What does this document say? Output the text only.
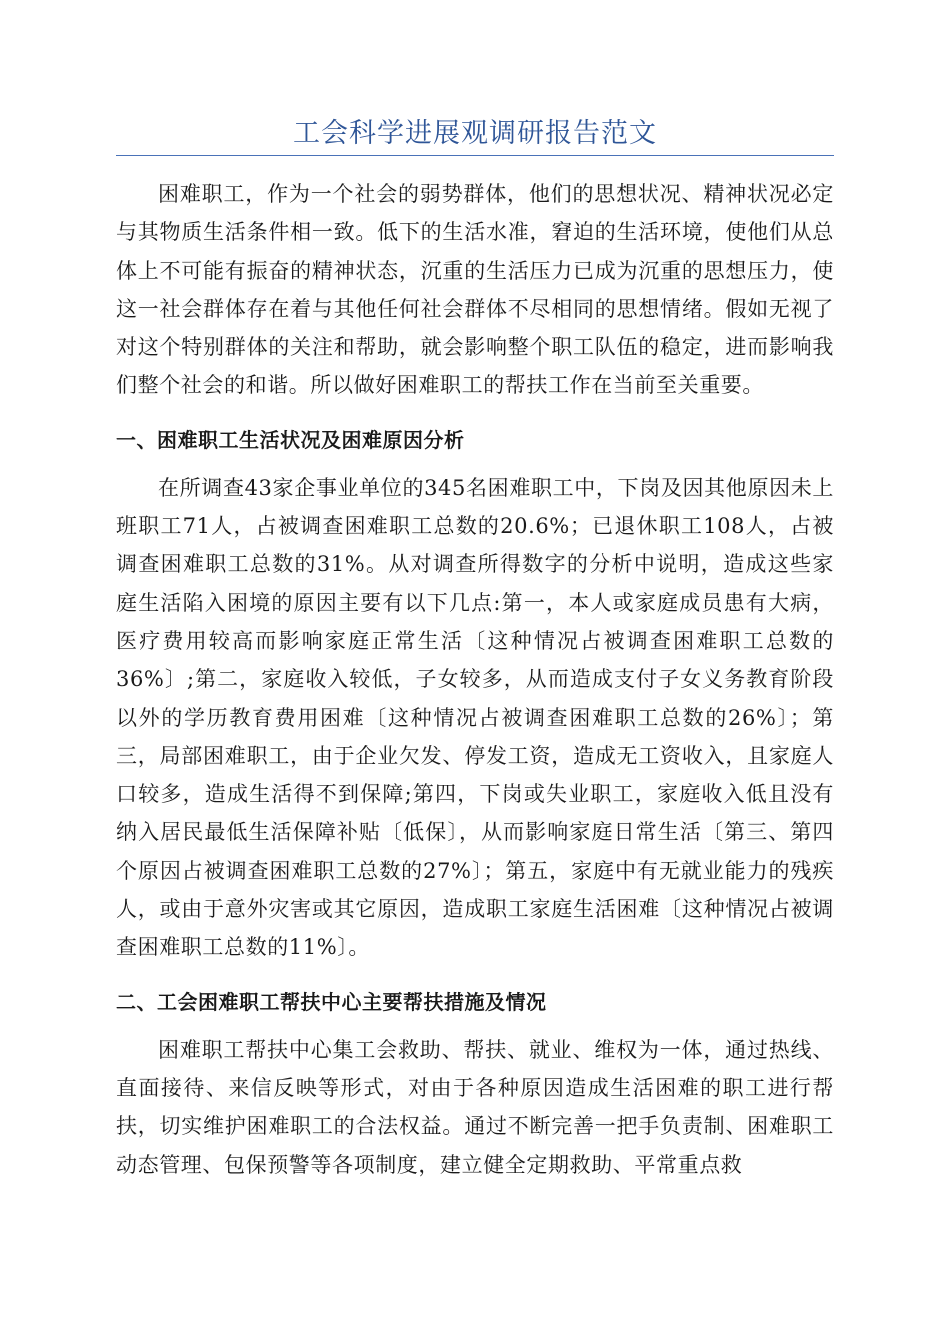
工会科学进展观调研报告范文

困难职工，作为一个社会的弱势群体，他们的思想状况、精神状况必定与其物质生活条件相一致。低下的生活水准，窘迫的生活环境，使他们从总体上不可能有振奋的精神状态，沉重的生活压力已成为沉重的思想压力，使这一社会群体存在着与其他任何社会群体不尽相同的思想情绪。假如无视了对这个特别群体的关注和帮助，就会影响整个职工队伍的稳定，进而影响我们整个社会的和谐。所以做好困难职工的帮扶工作在当前至关重要。

一、困难职工生活状况及困难原因分析

在所调查43家企事业单位的345名困难职工中，下岗及因其他原因未上班职工71人，占被调查困难职工总数的20.6%；已退休职工108人，占被调查困难职工总数的31%。从对调查所得数字的分析中说明，造成这些家庭生活陷入困境的原因主要有以下几点:第一，本人或家庭成员患有大病，医疗费用较高而影响家庭正常生活〔这种情况占被调查困难职工总数的36%〕;第二，家庭收入较低，子女较多，从而造成支付子女义务教育阶段以外的学历教育费用困难〔这种情况占被调查困难职工总数的26%〕；第三，局部困难职工，由于企业欠发、停发工资，造成无工资收入，且家庭人口较多，造成生活得不到保障;第四，下岗或失业职工，家庭收入低且没有纳入居民最低生活保障补贴〔低保〕，从而影响家庭日常生活〔第三、第四个原因占被调查困难职工总数的27%〕；第五，家庭中有无就业能力的残疾人，或由于意外灾害或其它原因，造成职工家庭生活困难〔这种情况占被调查困难职工总数的11%〕。

二、工会困难职工帮扶中心主要帮扶措施及情况

困难职工帮扶中心集工会救助、帮扶、就业、维权为一体，通过热线、直面接待、来信反映等形式，对由于各种原因造成生活困难的职工进行帮扶，切实维护困难职工的合法权益。通过不断完善一把手负责制、困难职工动态管理、包保预警等各项制度，建立健全定期救助、平常重点救
